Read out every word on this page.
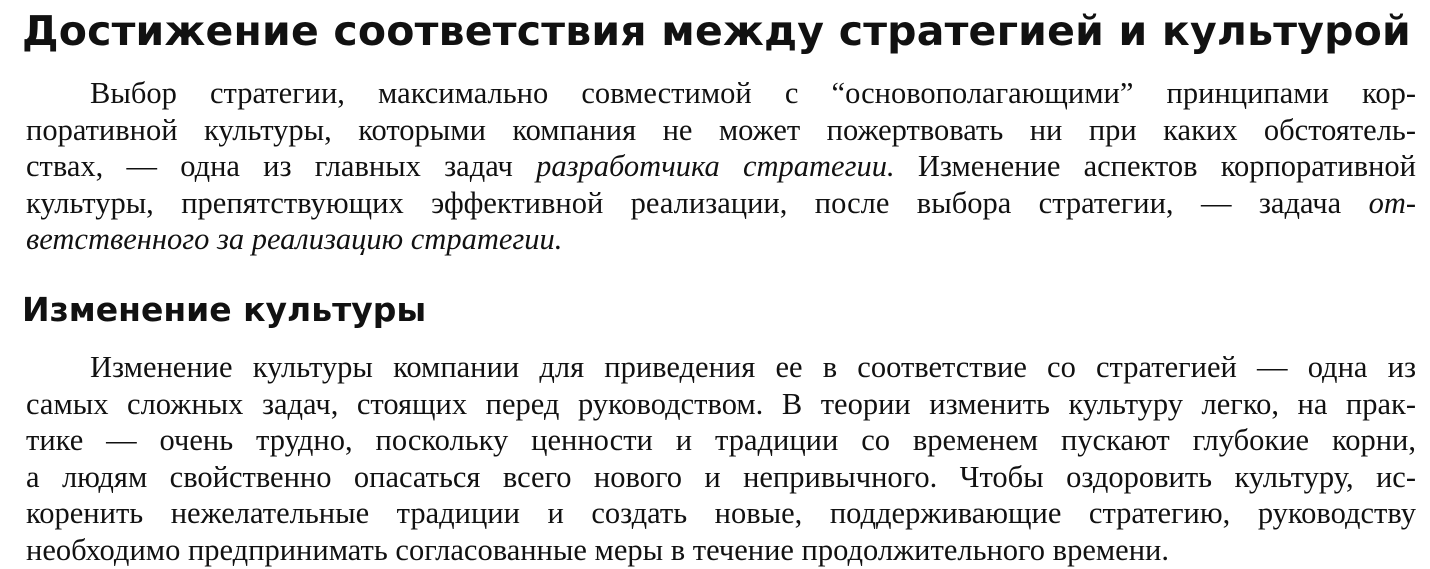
Достижение соответствия между стратегией и культурой
Выбор стратегии, максимально совместимой с “основополагающими” принципами кор-
поративной культуры, которыми компания не может пожертвовать ни при каких обстоятель-
ствах, — одна из главных задач разработчика стратегии. Изменение аспектов корпоративной
культуры, препятствующих эффективной реализации, после выбора стратегии, — задача от-
ветственного за реализацию стратегии.
Изменение культуры
Изменение культуры компании для приведения ее в соответствие со стратегией — одна из
самых сложных задач, стоящих перед руководством. В теории изменить культуру легко, на прак-
тике — очень трудно, поскольку ценности и традиции со временем пускают глубокие корни,
а людям свойственно опасаться всего нового и непривычного. Чтобы оздоровить культуру, ис-
коренить нежелательные традиции и создать новые, поддерживающие стратегию, руководству
необходимо предпринимать согласованные меры в течение продолжительного времени.
